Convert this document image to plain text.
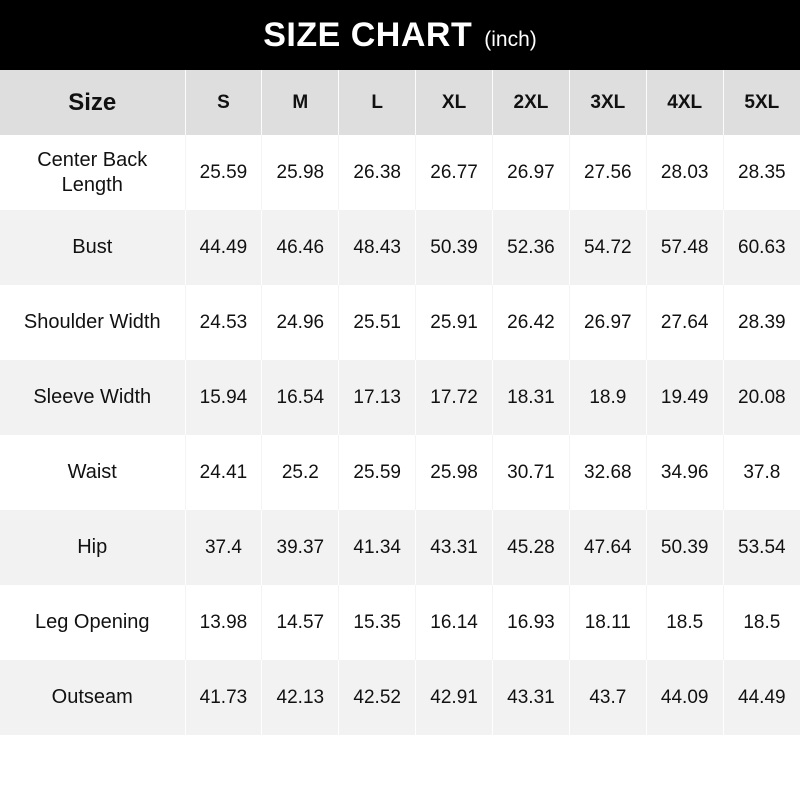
SIZE CHART (inch)
Size	S	M	L	XL	2XL	3XL	4XL	5XL
Center Back Length	25.59	25.98	26.38	26.77	26.97	27.56	28.03	28.35
Bust	44.49	46.46	48.43	50.39	52.36	54.72	57.48	60.63
Shoulder Width	24.53	24.96	25.51	25.91	26.42	26.97	27.64	28.39
Sleeve Width	15.94	16.54	17.13	17.72	18.31	18.9	19.49	20.08
Waist	24.41	25.2	25.59	25.98	30.71	32.68	34.96	37.8
Hip	37.4	39.37	41.34	43.31	45.28	47.64	50.39	53.54
Leg Opening	13.98	14.57	15.35	16.14	16.93	18.11	18.5	18.5
Outseam	41.73	42.13	42.52	42.91	43.31	43.7	44.09	44.49
